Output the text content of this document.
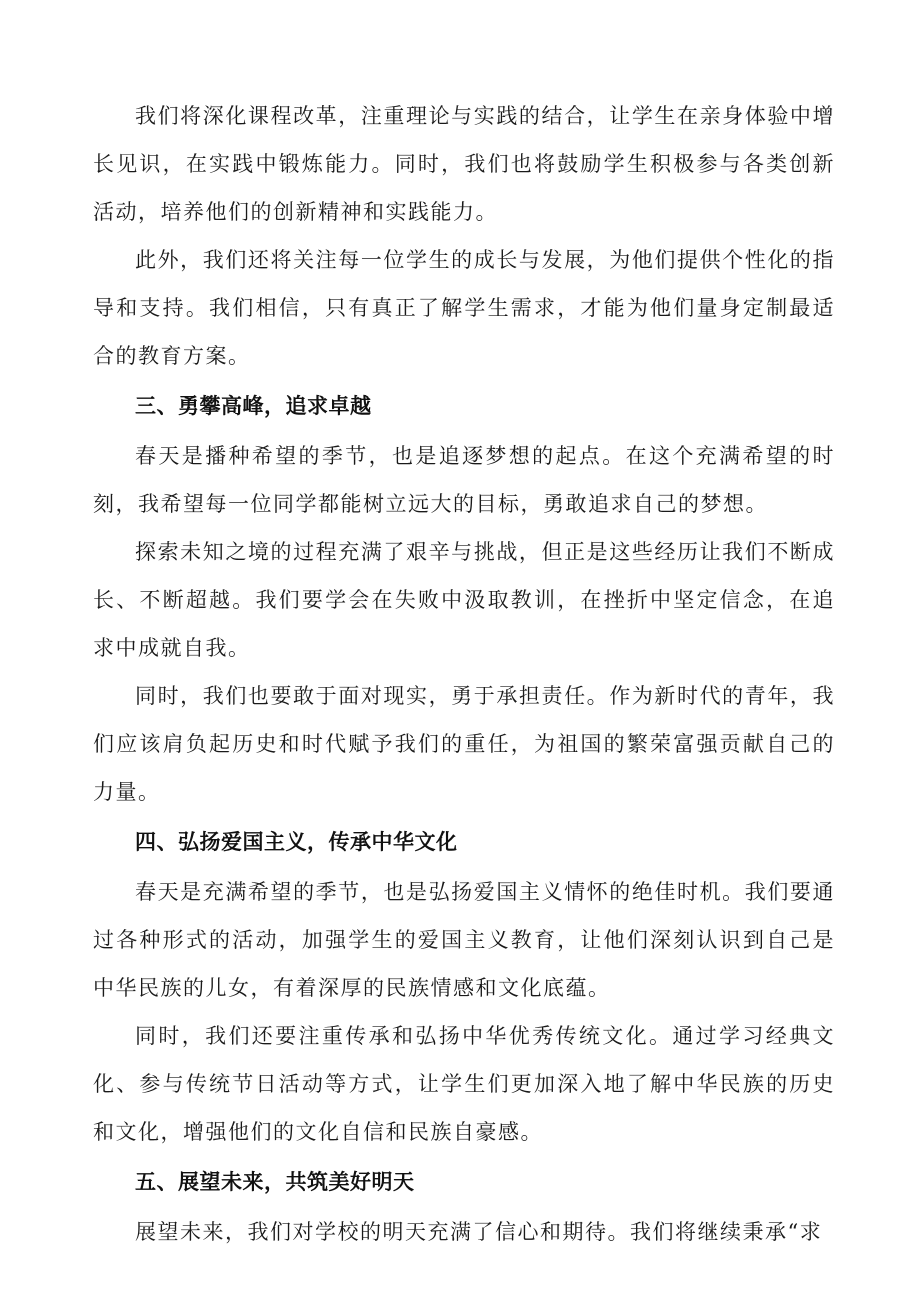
我们将深化课程改革，注重理论与实践的结合，让学生在亲身体验中增长见识，在实践中锻炼能力。同时，我们也将鼓励学生积极参与各类创新活动，培养他们的创新精神和实践能力。

此外，我们还将关注每一位学生的成长与发展，为他们提供个性化的指导和支持。我们相信，只有真正了解学生需求，才能为他们量身定制最适合的教育方案。

三、勇攀高峰，追求卓越

春天是播种希望的季节，也是追逐梦想的起点。在这个充满希望的时刻，我希望每一位同学都能树立远大的目标，勇敢追求自己的梦想。

探索未知之境的过程充满了艰辛与挑战，但正是这些经历让我们不断成长、不断超越。我们要学会在失败中汲取教训，在挫折中坚定信念，在追求中成就自我。

同时，我们也要敢于面对现实，勇于承担责任。作为新时代的青年，我们应该肩负起历史和时代赋予我们的重任，为祖国的繁荣富强贡献自己的力量。

四、弘扬爱国主义，传承中华文化

春天是充满希望的季节，也是弘扬爱国主义情怀的绝佳时机。我们要通过各种形式的活动，加强学生的爱国主义教育，让他们深刻认识到自己是中华民族的儿女，有着深厚的民族情感和文化底蕴。

同时，我们还要注重传承和弘扬中华优秀传统文化。通过学习经典文化、参与传统节日活动等方式，让学生们更加深入地了解中华民族的历史和文化，增强他们的文化自信和民族自豪感。

五、展望未来，共筑美好明天

展望未来，我们对学校的明天充满了信心和期待。我们将继续秉承“求
